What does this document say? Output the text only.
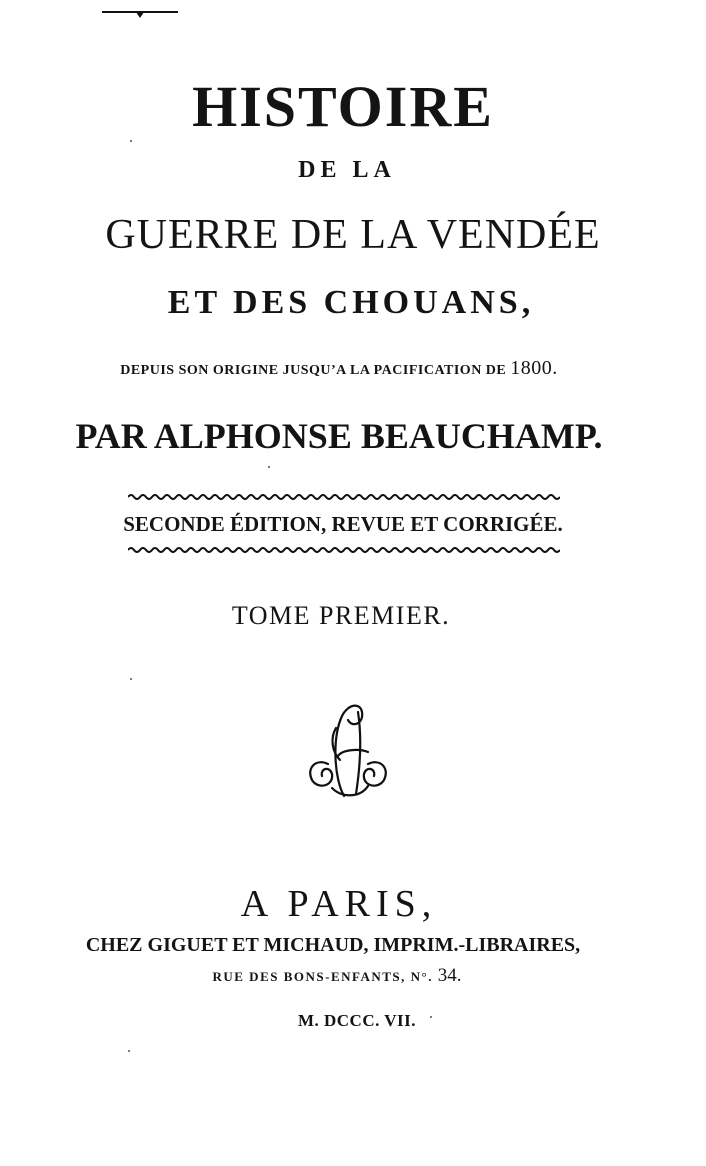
HISTOIRE
DE LA
GUERRE DE LA VENDÉE
ET DES CHOUANS,
DEPUIS SON ORIGINE JUSQU’A LA PACIFICATION DE 1800.
PAR ALPHONSE BEAUCHAMP.
SECONDE ÉDITION, REVUE ET CORRIGÉE.
TOME PREMIER.
A PARIS,
CHEZ GIGUET ET MICHAUD, IMPRIM.-LIBRAIRES,
RUE DES BONS-ENFANTS, N°. 34.
M. DCCC. VII.
